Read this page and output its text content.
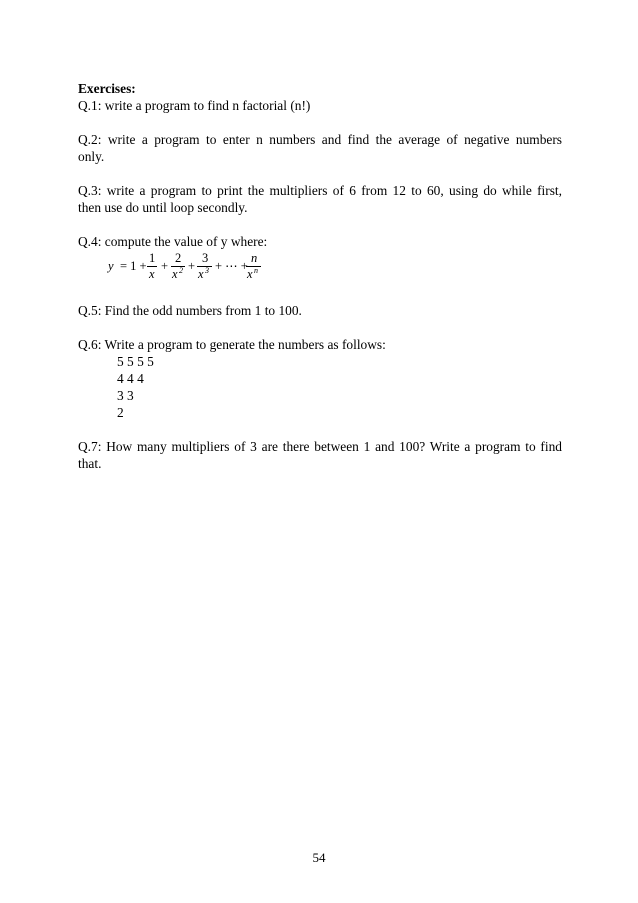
Exercises:

Q.1: write a program to find n factorial (n!)

Q.2: write a program to enter n numbers and find the average of negative numbers

only.

Q.3: write a program to print the multipliers of 6 from 12 to 60, using do while first,

then use do until loop secondly.

Q.4: compute the value of y where:

y = 1 +
1
x
+
2
x 2 +
3
x 3 + ⋯ +
n
x n

Q.5: Find the odd numbers from 1 to 100.

Q.6: Write a program to generate the numbers as follows:

5 5 5 5

4 4 4

3 3

2

Q.7: How many multipliers of 3 are there between 1 and 100? Write a program to find

that.

54
